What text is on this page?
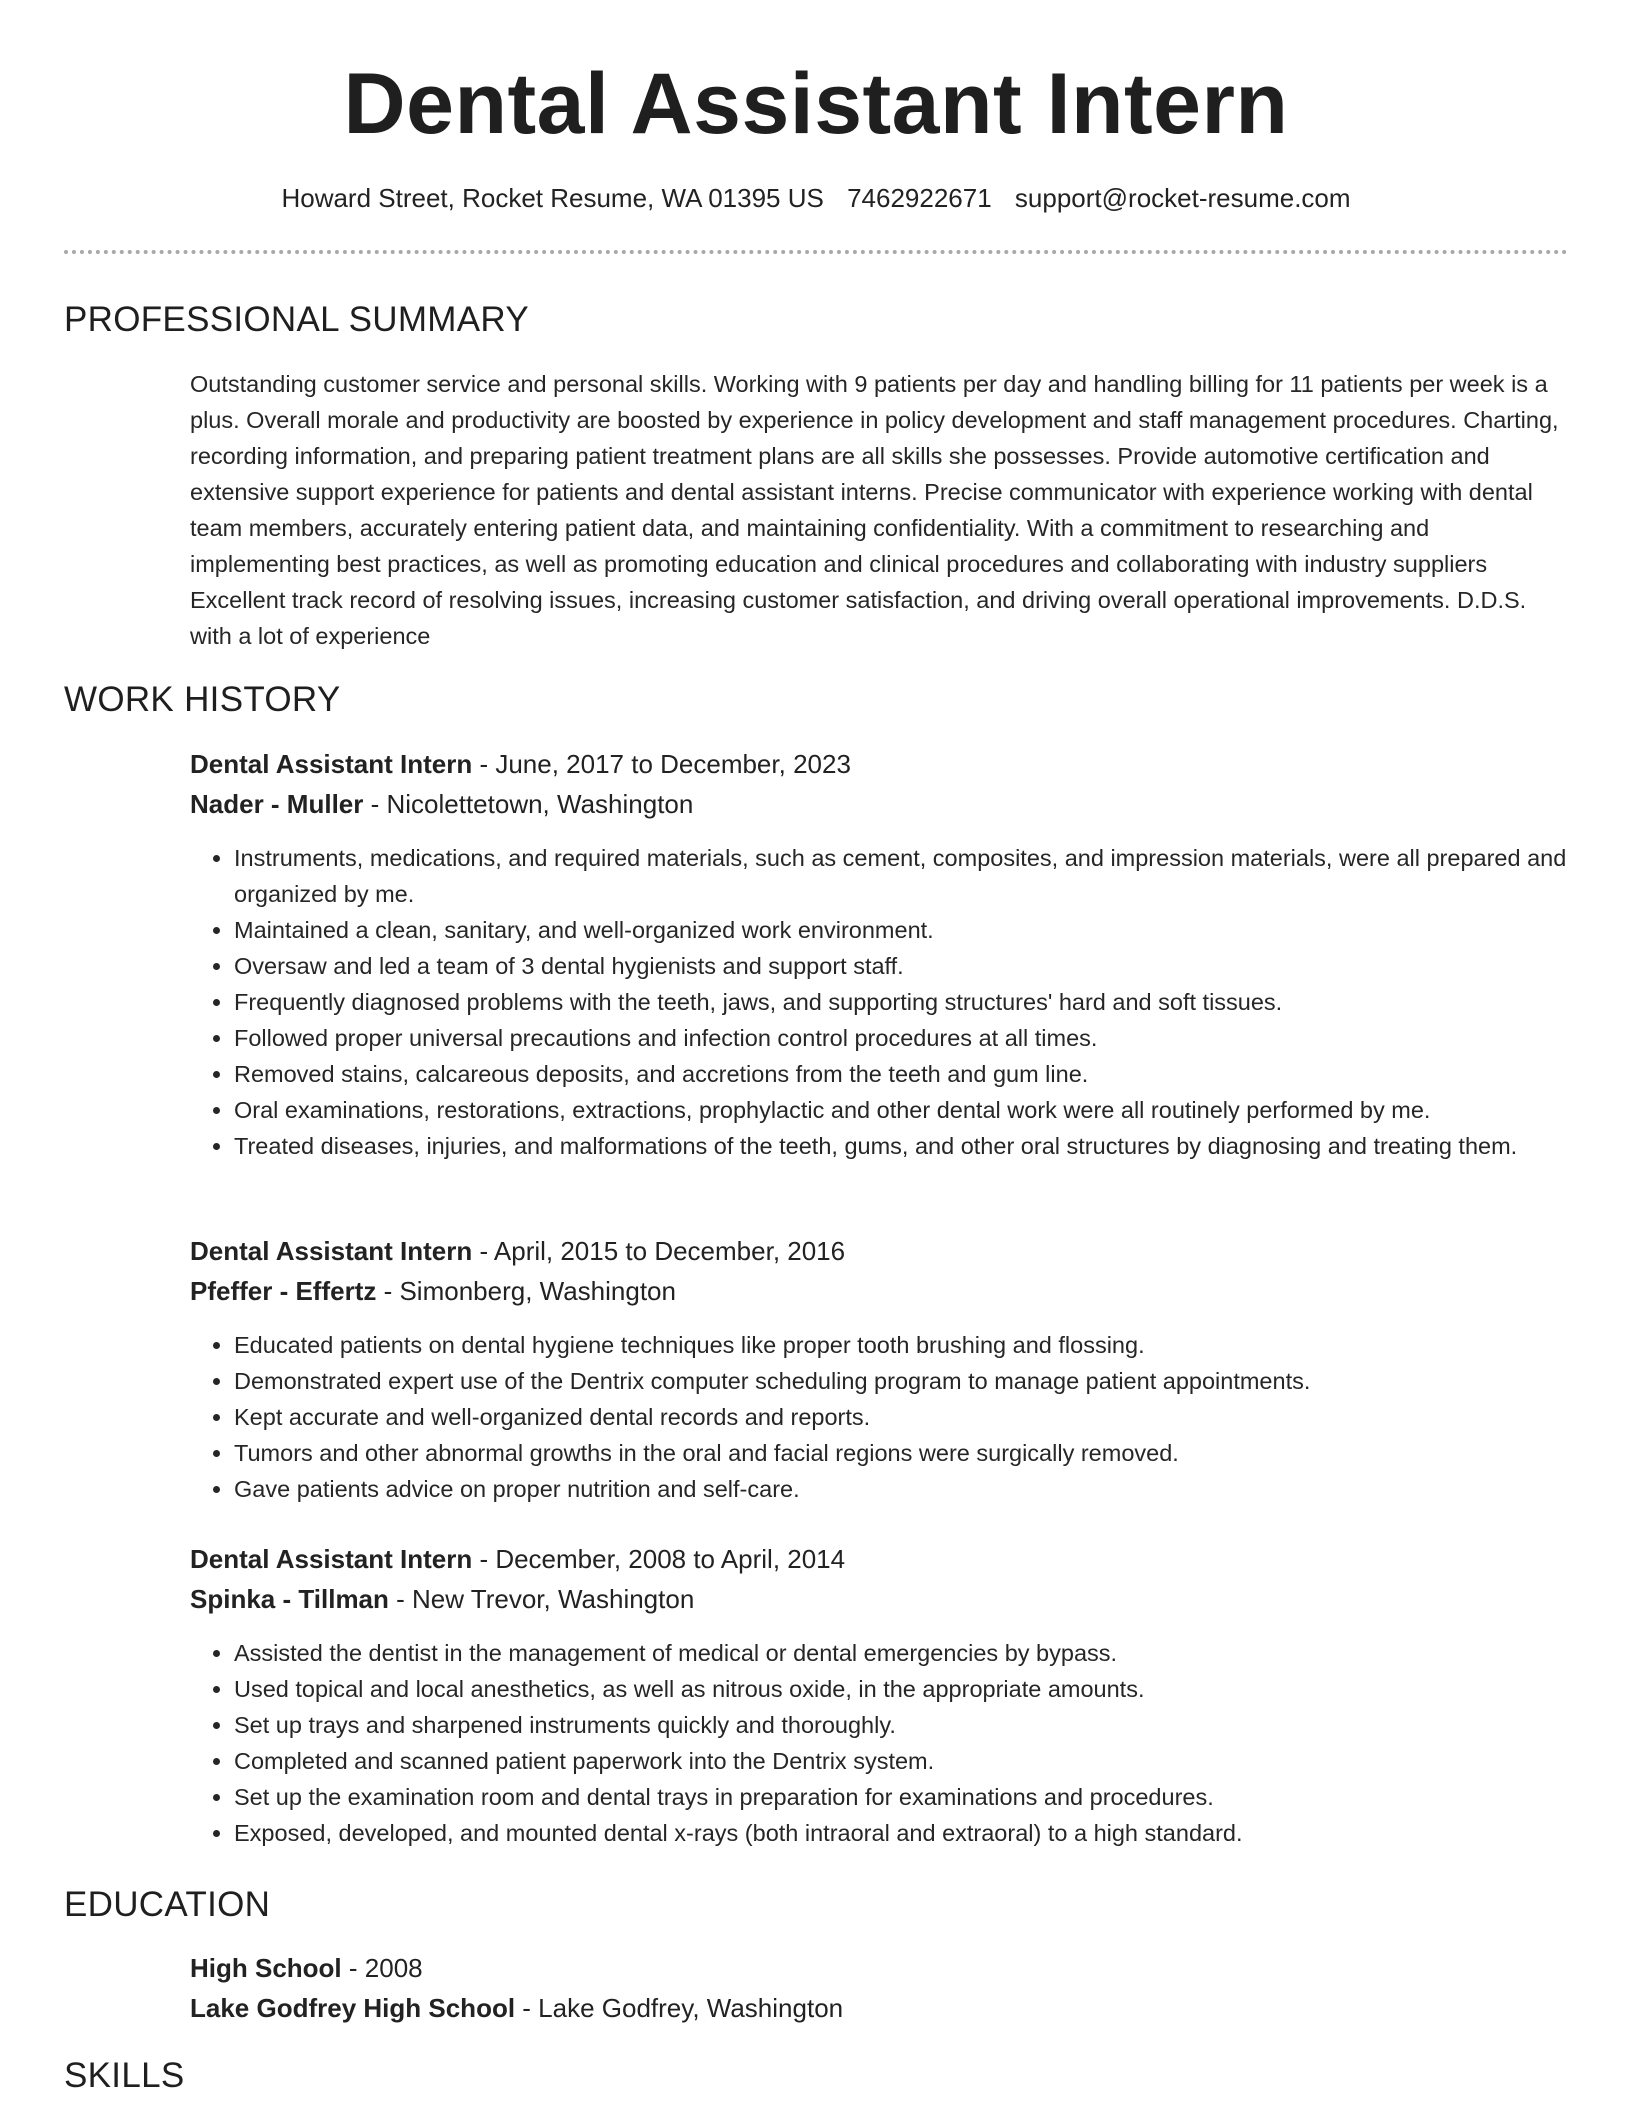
Dental Assistant Intern
Howard Street, Rocket Resume, WA 01395 US 7462922671 support@rocket-resume.com
PROFESSIONAL SUMMARY
Outstanding customer service and personal skills. Working with 9 patients per day and handling billing for 11 patients per week is a plus. Overall morale and productivity are boosted by experience in policy development and staff management procedures. Charting, recording information, and preparing patient treatment plans are all skills she possesses. Provide automotive certification and extensive support experience for patients and dental assistant interns. Precise communicator with experience working with dental team members, accurately entering patient data, and maintaining confidentiality. With a commitment to researching and implementing best practices, as well as promoting education and clinical procedures and collaborating with industry suppliers Excellent track record of resolving issues, increasing customer satisfaction, and driving overall operational improvements. D.D.S. with a lot of experience
WORK HISTORY
Dental Assistant Intern - June, 2017 to December, 2023
Nader - Muller - Nicolettetown, Washington
• Instruments, medications, and required materials, such as cement, composites, and impression materials, were all prepared and organized by me.
• Maintained a clean, sanitary, and well-organized work environment.
• Oversaw and led a team of 3 dental hygienists and support staff.
• Frequently diagnosed problems with the teeth, jaws, and supporting structures' hard and soft tissues.
• Followed proper universal precautions and infection control procedures at all times.
• Removed stains, calcareous deposits, and accretions from the teeth and gum line.
• Oral examinations, restorations, extractions, prophylactic and other dental work were all routinely performed by me.
• Treated diseases, injuries, and malformations of the teeth, gums, and other oral structures by diagnosing and treating them.
Dental Assistant Intern - April, 2015 to December, 2016
Pfeffer - Effertz - Simonberg, Washington
• Educated patients on dental hygiene techniques like proper tooth brushing and flossing.
• Demonstrated expert use of the Dentrix computer scheduling program to manage patient appointments.
• Kept accurate and well-organized dental records and reports.
• Tumors and other abnormal growths in the oral and facial regions were surgically removed.
• Gave patients advice on proper nutrition and self-care.
Dental Assistant Intern - December, 2008 to April, 2014
Spinka - Tillman - New Trevor, Washington
• Assisted the dentist in the management of medical or dental emergencies by bypass.
• Used topical and local anesthetics, as well as nitrous oxide, in the appropriate amounts.
• Set up trays and sharpened instruments quickly and thoroughly.
• Completed and scanned patient paperwork into the Dentrix system.
• Set up the examination room and dental trays in preparation for examinations and procedures.
• Exposed, developed, and mounted dental x-rays (both intraoral and extraoral) to a high standard.
EDUCATION
High School - 2008
Lake Godfrey High School - Lake Godfrey, Washington
SKILLS
